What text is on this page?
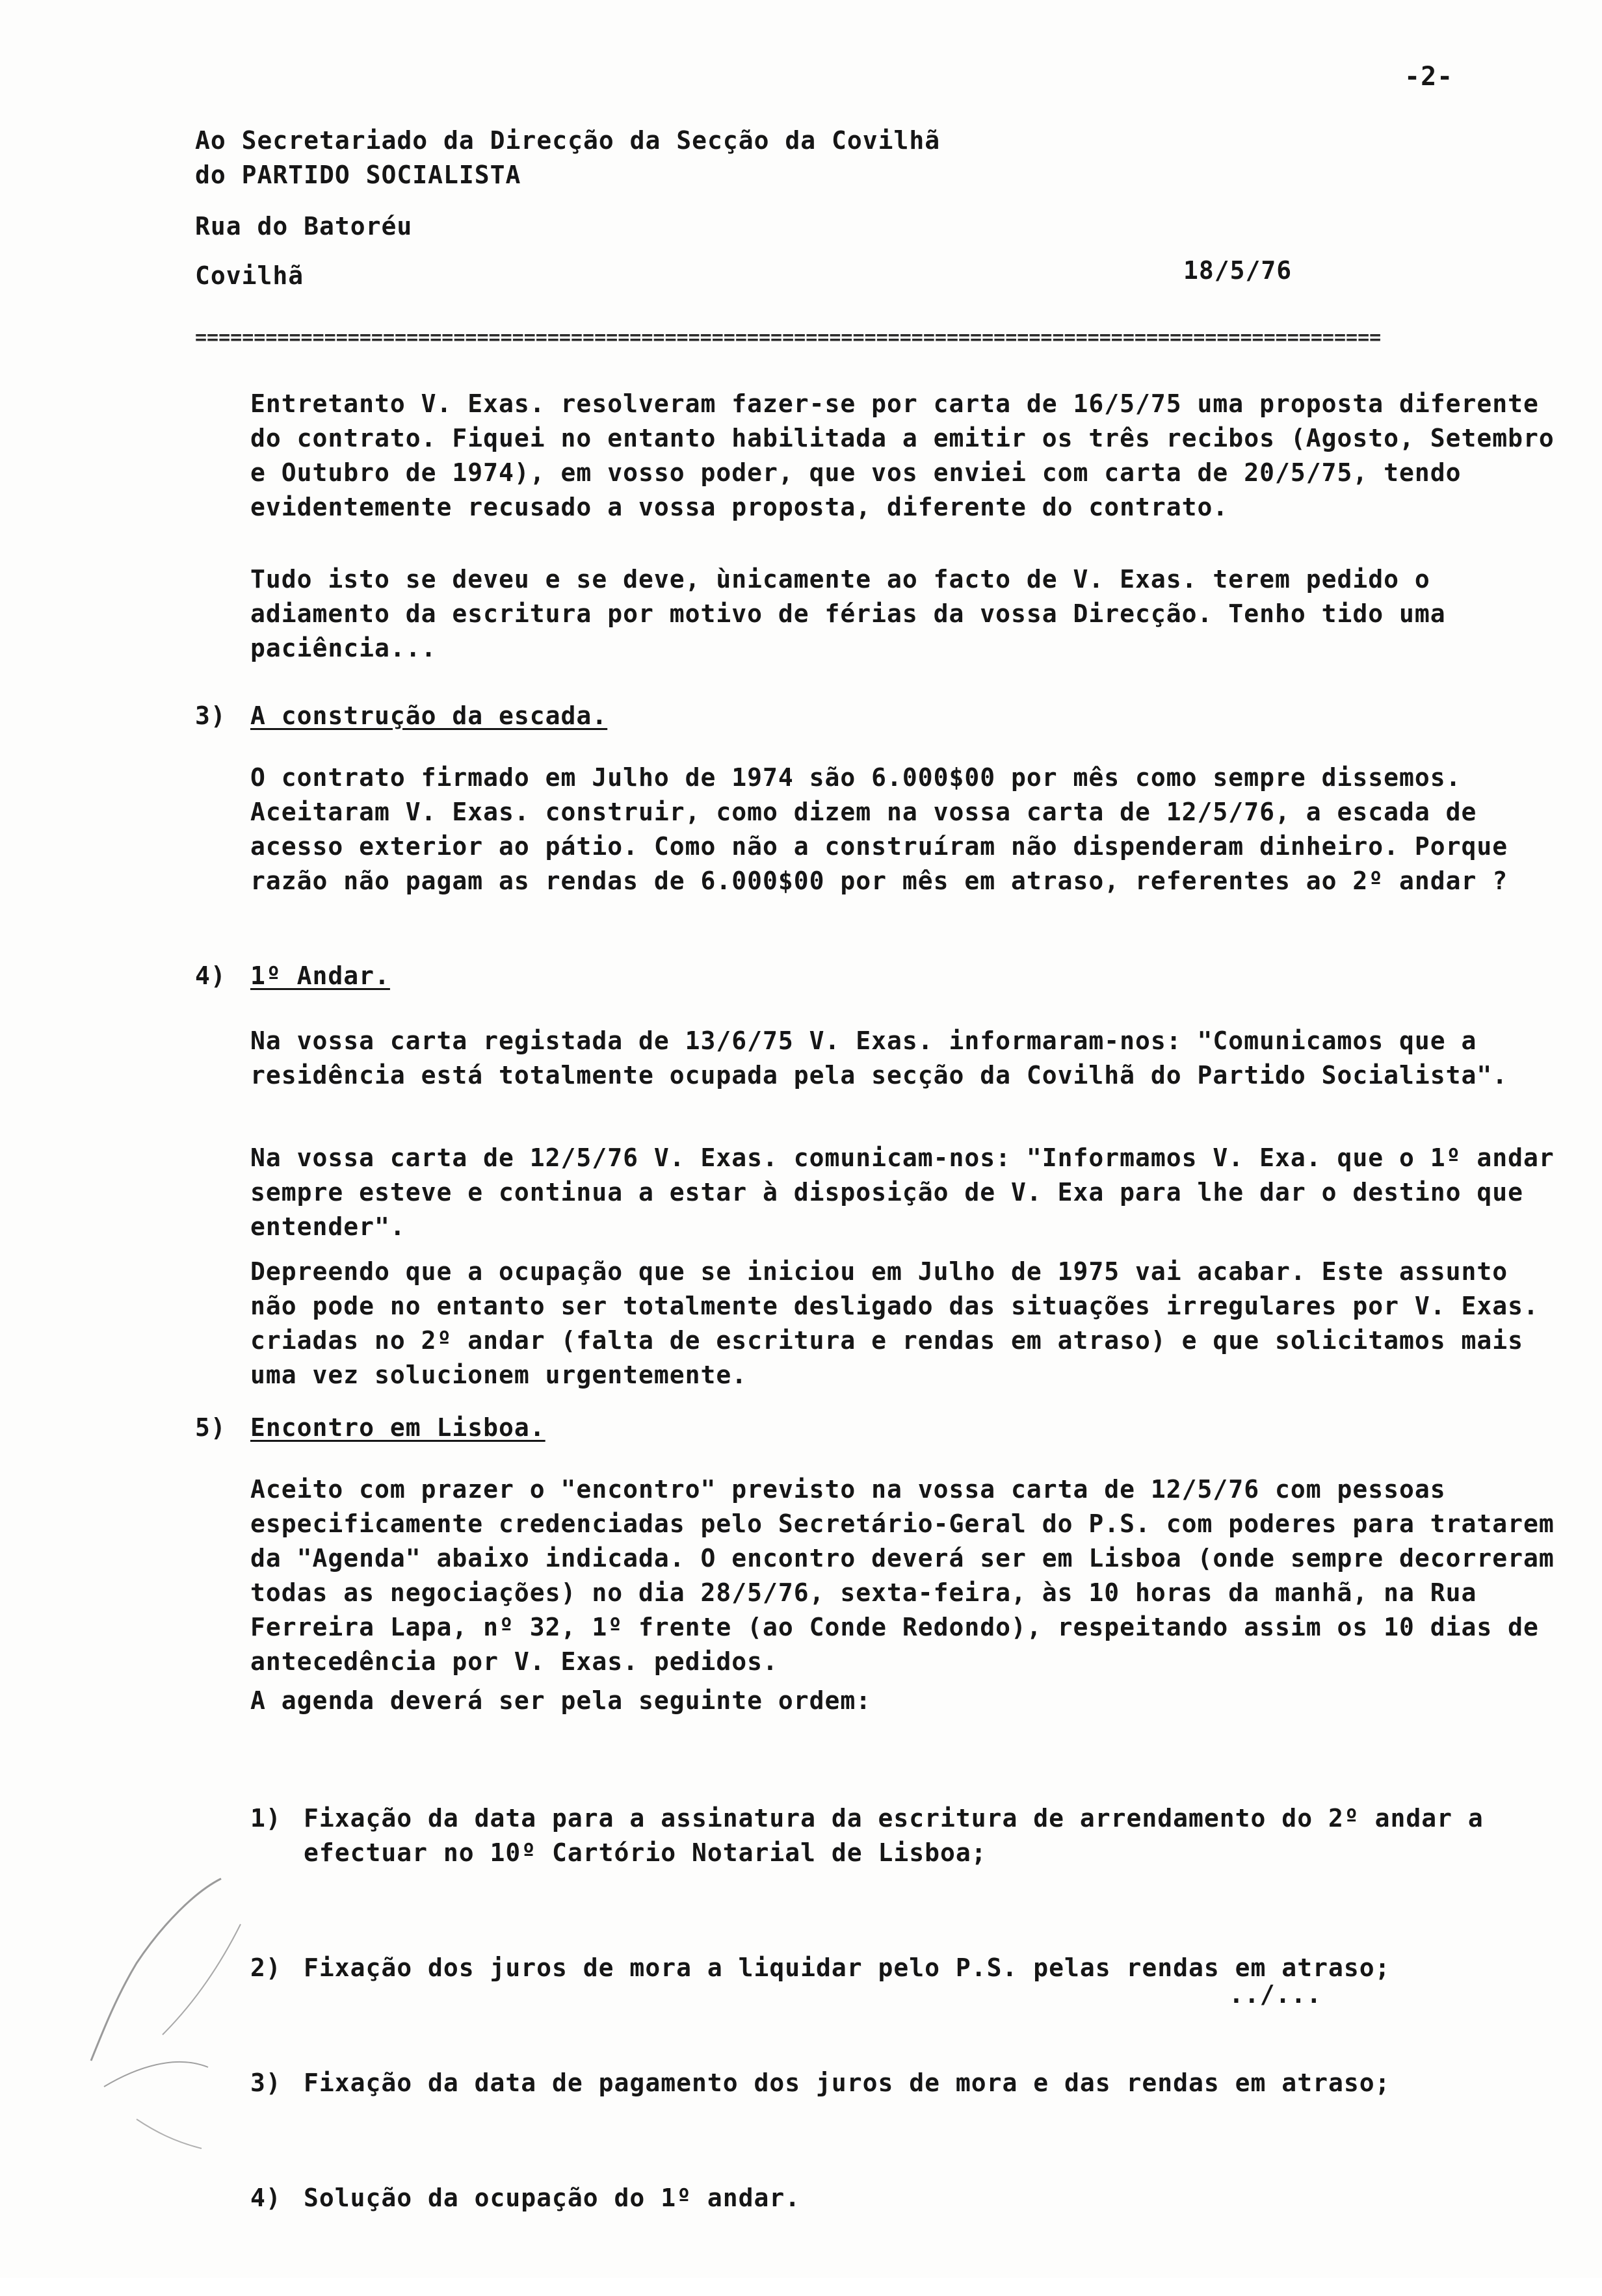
-2-
Ao Secretariado da Direcção da Secção da Covilhã
do PARTIDO SOCIALISTA
Rua do Batoréu
Covilhã	18/5/76
=====================================================================================================
Entretanto V. Exas. resolveram fazer-se por carta de 16/5/75 uma proposta diferente do contrato. Fiquei no entanto habilitada a emitir os três recibos (Agosto, Setembro e Outubro de 1974), em vosso poder, que vos enviei com carta de 20/5/75, tendo evidentemente recusado a vossa proposta, diferente do contrato.
Tudo isto se deveu e se deve, ùnicamente ao facto de V. Exas. terem pedido o adiamento da escritura por motivo de férias da vossa Direcção. Tenho tido uma paciência...
3) A construção da escada.
O contrato firmado em Julho de 1974 são 6.000$00 por mês como sempre dissemos. Aceitaram V. Exas. construir, como dizem na vossa carta de 12/5/76, a escada de acesso exterior ao pátio. Como não a construíram não dispenderam dinheiro. Porque razão não pagam as rendas de 6.000$00 por mês em atraso, referentes ao 2º andar ?
4) 1º Andar.
Na vossa carta registada de 13/6/75 V. Exas. informaram-nos: "Comunicamos que a residência está totalmente ocupada pela secção da Covilhã do Partido Socialista".
Na vossa carta de 12/5/76 V. Exas. comunicam-nos: "Informamos V. Exa. que o 1º andar sempre esteve e continua a estar à disposição de V. Exa para lhe dar o destino que entender".
Depreendo que a ocupação que se iniciou em Julho de 1975 vai acabar. Este assunto não pode no entanto ser totalmente desligado das situações irregulares por V. Exas. criadas no 2º andar (falta de escritura e rendas em atraso) e que solicitamos mais uma vez solucionem urgentemente.
5) Encontro em Lisboa.
Aceito com prazer o "encontro" previsto na vossa carta de 12/5/76 com pessoas especificamente credenciadas pelo Secretário-Geral do P.S. com poderes para tratarem da "Agenda" abaixo indicada. O encontro deverá ser em Lisboa (onde sempre decorreram todas as negociações) no dia 28/5/76, sexta-feira, às 10 horas da manhã, na Rua Ferreira Lapa, nº 32, 1º frente (ao Conde Redondo), respeitando assim os 10 dias de antecedência por V. Exas. pedidos.
A agenda deverá ser pela seguinte ordem:

1) Fixação da data para a assinatura da escritura de arrendamento do 2º andar a efectuar no 10º Cartório Notarial de Lisboa;

2) Fixação dos juros de mora a liquidar pelo P.S. pelas rendas em atraso;

3) Fixação da data de pagamento dos juros de mora e das rendas em atraso;

4) Solução da ocupação do 1º andar.

../...
